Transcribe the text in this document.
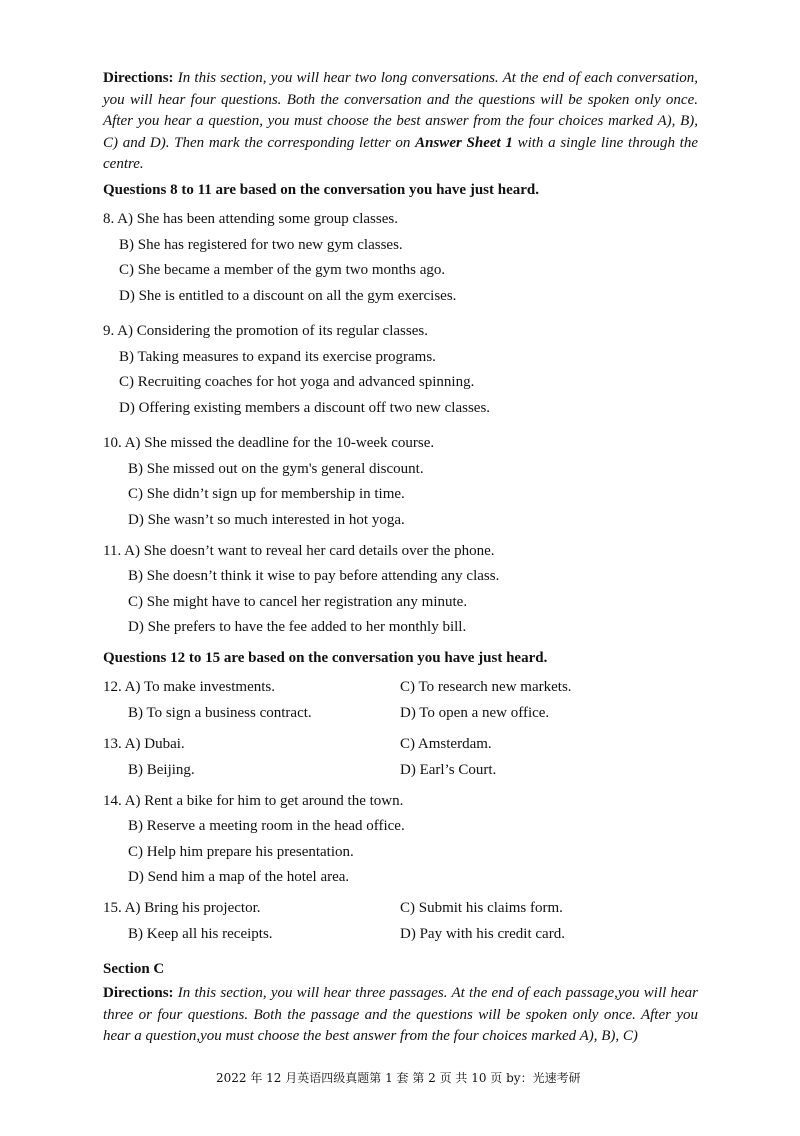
Directions: In this section, you will hear two long conversations. At the end of each conversation, you will hear four questions. Both the conversation and the questions will be spoken only once. After you hear a question, you must choose the best answer from the four choices marked A), B), C) and D). Then mark the corresponding letter on Answer Sheet 1 with a single line through the centre.
Questions 8 to 11 are based on the conversation you have just heard.
8. A) She has been attending some group classes.
B) She has registered for two new gym classes.
C) She became a member of the gym two months ago.
D) She is entitled to a discount on all the gym exercises.
9. A) Considering the promotion of its regular classes.
B) Taking measures to expand its exercise programs.
C) Recruiting coaches for hot yoga and advanced spinning.
D) Offering existing members a discount off two new classes.
10. A) She missed the deadline for the 10-week course.
B) She missed out on the gym's general discount.
C) She didn’t sign up for membership in time.
D) She wasn’t so much interested in hot yoga.
11. A) She doesn’t want to reveal her card details over the phone.
B) She doesn’t think it wise to pay before attending any class.
C) She might have to cancel her registration any minute.
D) She prefers to have the fee added to her monthly bill.
Questions 12 to 15 are based on the conversation you have just heard.
12. A) To make investments.
B) To sign a business contract.
C) To research new markets.
D) To open a new office.
13. A) Dubai.
B) Beijing.
C) Amsterdam.
D) Earl’s Court.
14. A) Rent a bike for him to get around the town.
B) Reserve a meeting room in the head office.
C) Help him prepare his presentation.
D) Send him a map of the hotel area.
15. A) Bring his projector.
B) Keep all his receipts.
C) Submit his claims form.
D) Pay with his credit card.
Section C
Directions: In this section, you will hear three passages. At the end of each passage,you will hear three or four questions. Both the passage and the questions will be spoken only once. After you hear a question,you must choose the best answer from the four choices marked A), B), C)
2022 年 12 月英语四级真题第 1 套 第 2 页 共 10 页 by：光速考研
